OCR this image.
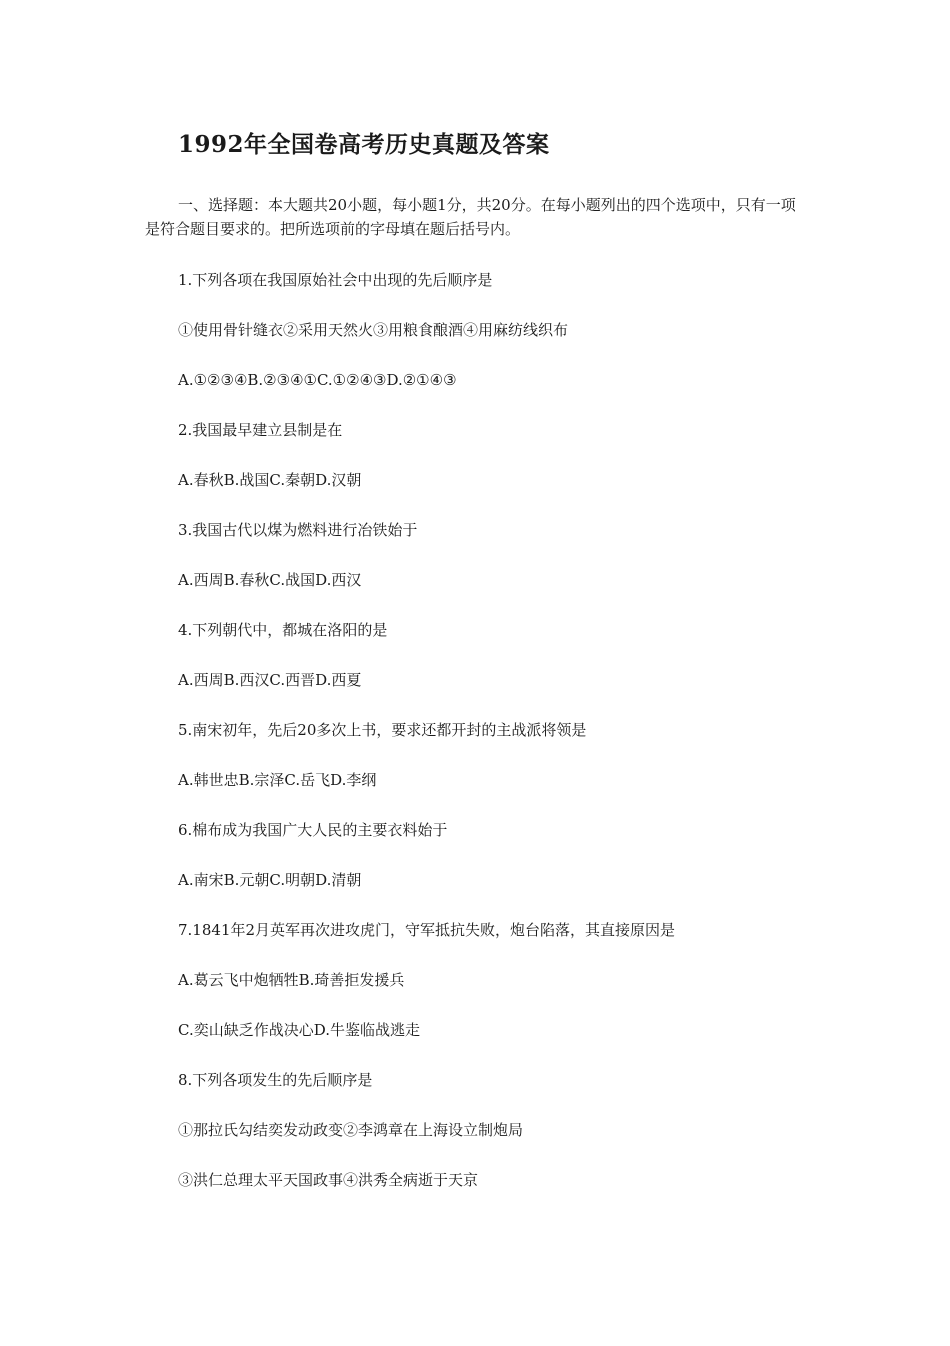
1992年全国卷高考历史真题及答案

一、选择题：本大题共20小题，每小题1分，共20分。在每小题列出的四个选项中，只有一项是符合题目要求的。把所选项前的字母填在题后括号内。

1.下列各项在我国原始社会中出现的先后顺序是

①使用骨针缝衣②采用天然火③用粮食酿酒④用麻纺线织布

A.①②③④B.②③④①C.①②④③D.②①④③

2.我国最早建立县制是在

A.春秋B.战国C.秦朝D.汉朝

3.我国古代以煤为燃料进行冶铁始于

A.西周B.春秋C.战国D.西汉

4.下列朝代中，都城在洛阳的是

A.西周B.西汉C.西晋D.西夏

5.南宋初年，先后20多次上书，要求还都开封的主战派将领是

A.韩世忠B.宗泽C.岳飞D.李纲

6.棉布成为我国广大人民的主要衣料始于

A.南宋B.元朝C.明朝D.清朝

7.1841年2月英军再次进攻虎门，守军抵抗失败，炮台陷落，其直接原因是

A.葛云飞中炮牺牲B.琦善拒发援兵

C.奕山缺乏作战决心D.牛鉴临战逃走

8.下列各项发生的先后顺序是

①那拉氏勾结奕发动政变②李鸿章在上海设立制炮局

③洪仁总理太平天国政事④洪秀全病逝于天京
